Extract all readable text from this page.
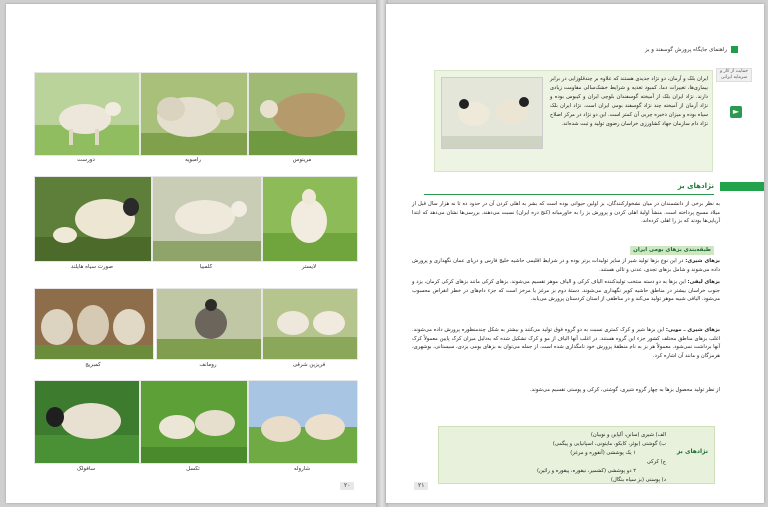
دورست	رامبویه	مرینوس
صورت سیاه هایلند	کلمبیا	لایستر
کمبریج	رومانف	فریزین شرقی
سافولک	تکسل	شاروله
۲۰
راهنمای جایگاه پرورش گوسفند و بز
حمایت از کار و سرمایه ایرانی
►
ایران بلک و آرمان، دو نژاد جدیدی هستند که علاوه بر چندقلوزایی در برابر بیماری‌ها، تغییرات دما، کمبود تغذیه و شرایط خشک‌سالی مقاومت زیادی دارند. نژاد ایران بلک از آمیخته گوسفندان بلوچی ایران و کیبوس بوده و نژاد آرمان از آمیخته چند نژاد گوسفند بومی ایران است. نژاد ایران بلک سیاه بوده و میزان ذخیره چربی آن کمتر است. این دو نژاد در مرکز اصلاح نژاد دام سازمان جهاد کشاورزی خراسان رضوی تولید و ثبت شده‌اند.
نژادهای بز
به نظر برخی از دانشمندان در میان نشخوارکنندگان، بز اولین حیوانی بوده است که بشر به اهلی کردن آن در حدود ده تا نه هزار سال قبل از میلاد مسیح پرداخته است. منشأ اولیهٔ اهلی کردن و پرورش بز را به خاورمیانه (کنج دره ایران) نسبت می‌دهند. بررسی‌ها نشان می‌دهد که ابتدا آریایی‌ها بودند که بز را اهلی کرده‌اند.
طبقه‌بندی بزهای بومی ایران
بزهای شیری: در این نوع بزها تولید شیر از سایر تولیدات برتر بوده و در شرایط اقلیمی حاشیه خلیج فارس و دریای عمان نگهداری و پرورش داده می‌شوند و شامل بزهای تجدی، عدنی و تالی هستند.
بزهای لیفی: این بزها به دو دسته منتخب تولیدکننده الیاف کرکی و الیاف موهر تقسیم می‌شوند. بزهای کرکی مانند بزهای کرکی کرمان، یزد و جنوب خراسان بیشتر در مناطق حاشیه کویر نگهداری می‌شوند. دستهٔ دوم بز مرغز یا مرخز است که جزء دام‌های در خطر انقراض محسوب می‌شود. الیافی شبیه موهر تولید می‌کند و در مناطقی از استان کردستان پرورش می‌یابد.
بزهای شیری ـ مویی: این بزها شیر و کرک کمتری نسبت به دو گروه فوق تولید می‌کنند و بیشتر به شکل چندمنظوره پرورش داده می‌شوند. اغلب بزهای مناطق مختلف کشور جزء این گروه هستند. در اغلب آنها الیاف از مو و کرک تشکیل شده که به‌دلیل میزان کرک پایین معمولاً کرک آنها برداشت نمی‌شود. معمولاً هر بز به نام منطقهٔ پرورش خود نامگذاری شده است. از جمله می‌توان به بزهای بومی یزدی، سیستانی، بوشهری، هرمزگان و مانند آن اشاره کرد.
از نظر تولید محصول بزها به چهار گروه شیری، گوشتی، کرکی و پوستی تقسیم می‌شوند.
نژادهای بز
الف) شیری (سانن، آلپاین و نوبیان)
ب) گوشتی (بوئر، کایکو، مایتونی، اسپانیایی و پیگمی)
۱ یک پوششی (آنقوره و مرغز)
ج) کرکی
۲ دو پوششی (کشمیر، نیقوره، پیقوره و رائین)
د) پوستی (بز سیاه بنگال)
۲۱
